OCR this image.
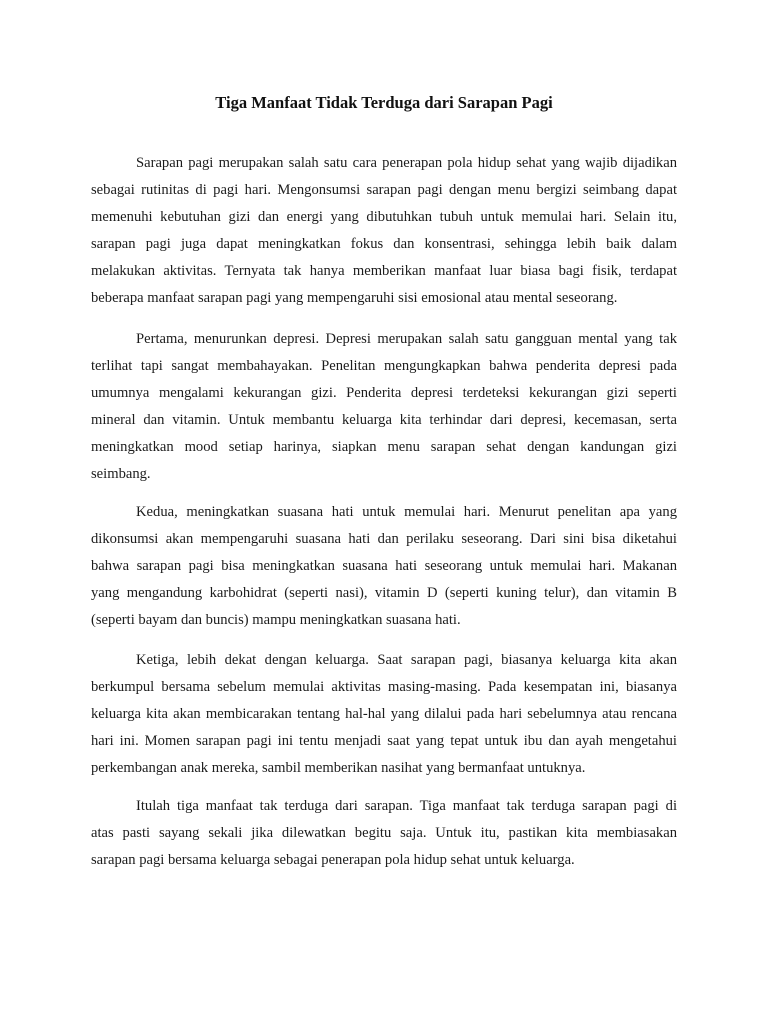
Tiga Manfaat Tidak Terduga dari Sarapan Pagi
Sarapan pagi merupakan salah satu cara penerapan pola hidup sehat yang wajib dijadikan
sebagai rutinitas di pagi hari. Mengonsumsi sarapan pagi dengan menu bergizi seimbang dapat
memenuhi kebutuhan gizi dan energi yang dibutuhkan tubuh untuk memulai hari. Selain itu,
sarapan pagi juga dapat meningkatkan fokus dan konsentrasi, sehingga lebih baik dalam
melakukan aktivitas. Ternyata tak hanya memberikan manfaat luar biasa bagi fisik, terdapat
beberapa manfaat sarapan pagi yang mempengaruhi sisi emosional atau mental seseorang.
Pertama, menurunkan depresi. Depresi merupakan salah satu gangguan mental yang tak
terlihat tapi sangat membahayakan. Penelitan mengungkapkan bahwa penderita depresi pada
umumnya mengalami kekurangan gizi. Penderita depresi terdeteksi kekurangan gizi seperti
mineral dan vitamin. Untuk membantu keluarga kita terhindar dari depresi, kecemasan, serta
meningkatkan mood setiap harinya, siapkan menu sarapan sehat dengan kandungan gizi
seimbang.
Kedua, meningkatkan suasana hati untuk memulai hari. Menurut penelitan apa yang
dikonsumsi akan mempengaruhi suasana hati dan perilaku seseorang. Dari sini bisa diketahui
bahwa sarapan pagi bisa meningkatkan suasana hati seseorang untuk memulai hari. Makanan
yang mengandung karbohidrat (seperti nasi), vitamin D (seperti kuning telur), dan vitamin B
(seperti bayam dan buncis) mampu meningkatkan suasana hati.
Ketiga, lebih dekat dengan keluarga. Saat sarapan pagi, biasanya keluarga kita akan
berkumpul bersama sebelum memulai aktivitas masing-masing. Pada kesempatan ini, biasanya
keluarga kita akan membicarakan tentang hal-hal yang dilalui pada hari sebelumnya atau rencana
hari ini. Momen sarapan pagi ini tentu menjadi saat yang tepat untuk ibu dan ayah mengetahui
perkembangan anak mereka, sambil memberikan nasihat yang bermanfaat untuknya.
Itulah tiga manfaat tak terduga dari sarapan. Tiga manfaat tak terduga sarapan pagi di
atas pasti sayang sekali jika dilewatkan begitu saja. Untuk itu, pastikan kita membiasakan
sarapan pagi bersama keluarga sebagai penerapan pola hidup sehat untuk keluarga.
